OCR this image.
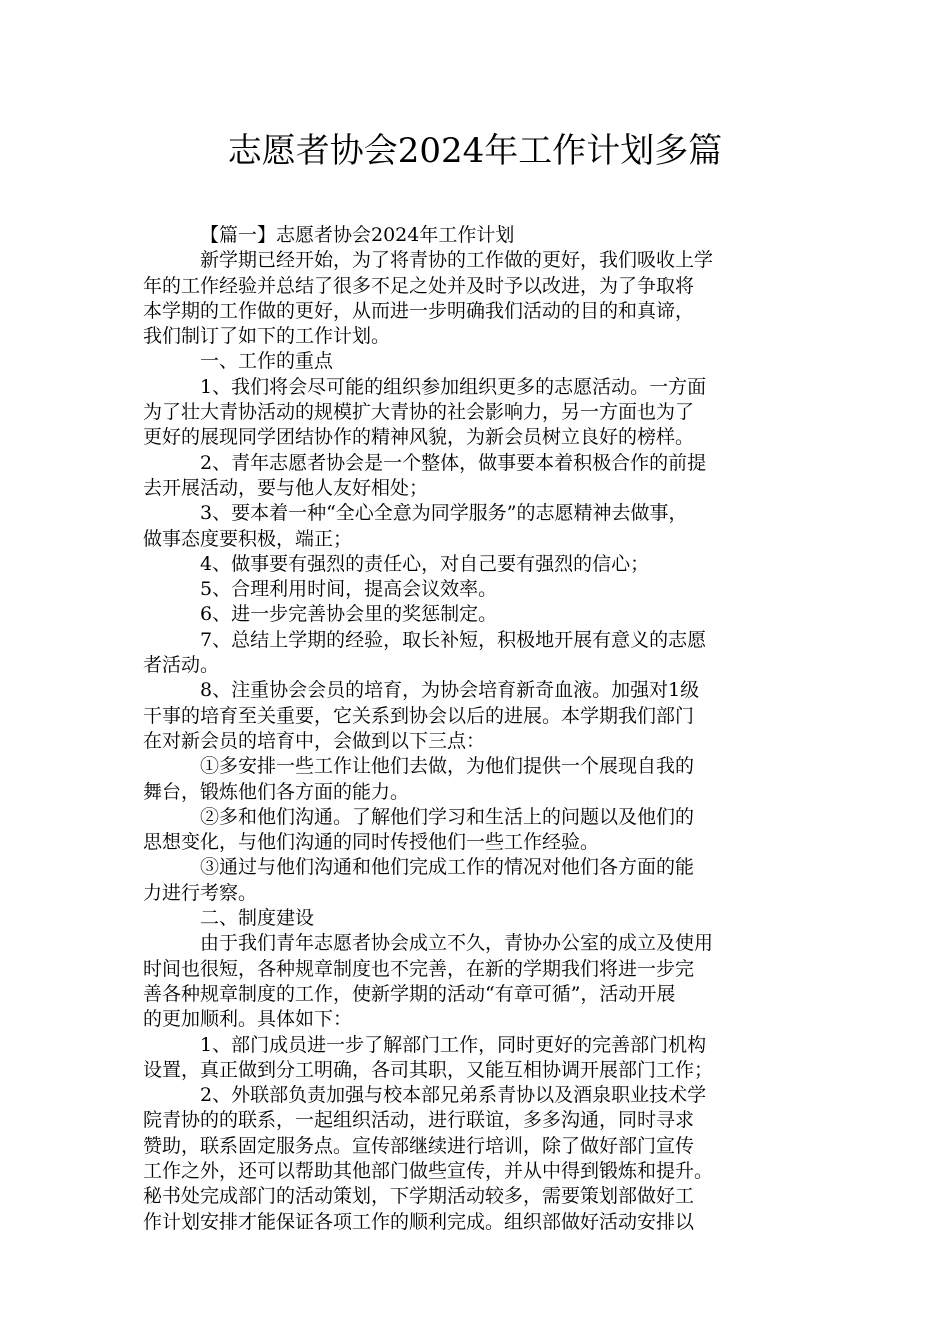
志愿者协会2024年工作计划多篇
【篇一】志愿者协会2024年工作计划
新学期已经开始，为了将青协的工作做的更好，我们吸收上学
年的工作经验并总结了很多不足之处并及时予以改进，为了争取将
本学期的工作做的更好，从而进一步明确我们活动的目的和真谛，
我们制订了如下的工作计划。
一、工作的重点
1、我们将会尽可能的组织参加组织更多的志愿活动。一方面
为了壮大青协活动的规模扩大青协的社会影响力，另一方面也为了
更好的展现同学团结协作的精神风貌，为新会员树立良好的榜样。
2、青年志愿者协会是一个整体，做事要本着积极合作的前提
去开展活动，要与他人友好相处；
3、要本着一种“全心全意为同学服务”的志愿精神去做事，
做事态度要积极，端正；
4、做事要有强烈的责任心，对自己要有强烈的信心；
5、合理利用时间，提高会议效率。
6、进一步完善协会里的奖惩制定。
7、总结上学期的经验，取长补短，积极地开展有意义的志愿
者活动。
8、注重协会会员的培育，为协会培育新奇血液。加强对1级
干事的培育至关重要，它关系到协会以后的进展。本学期我们部门
在对新会员的培育中，会做到以下三点：
①多安排一些工作让他们去做，为他们提供一个展现自我的
舞台，锻炼他们各方面的能力。
②多和他们沟通。了解他们学习和生活上的问题以及他们的
思想变化，与他们沟通的同时传授他们一些工作经验。
③通过与他们沟通和他们完成工作的情况对他们各方面的能
力进行考察。
二、制度建设
由于我们青年志愿者协会成立不久，青协办公室的成立及使用
时间也很短，各种规章制度也不完善，在新的学期我们将进一步完
善各种规章制度的工作，使新学期的活动“有章可循”，活动开展
的更加顺利。具体如下：
1、部门成员进一步了解部门工作，同时更好的完善部门机构
设置，真正做到分工明确，各司其职，又能互相协调开展部门工作；
2、外联部负责加强与校本部兄弟系青协以及酒泉职业技术学
院青协的的联系，一起组织活动，进行联谊，多多沟通，同时寻求
赞助，联系固定服务点。宣传部继续进行培训，除了做好部门宣传
工作之外，还可以帮助其他部门做些宣传，并从中得到锻炼和提升。
秘书处完成部门的活动策划，下学期活动较多，需要策划部做好工
作计划安排才能保证各项工作的顺利完成。组织部做好活动安排以
